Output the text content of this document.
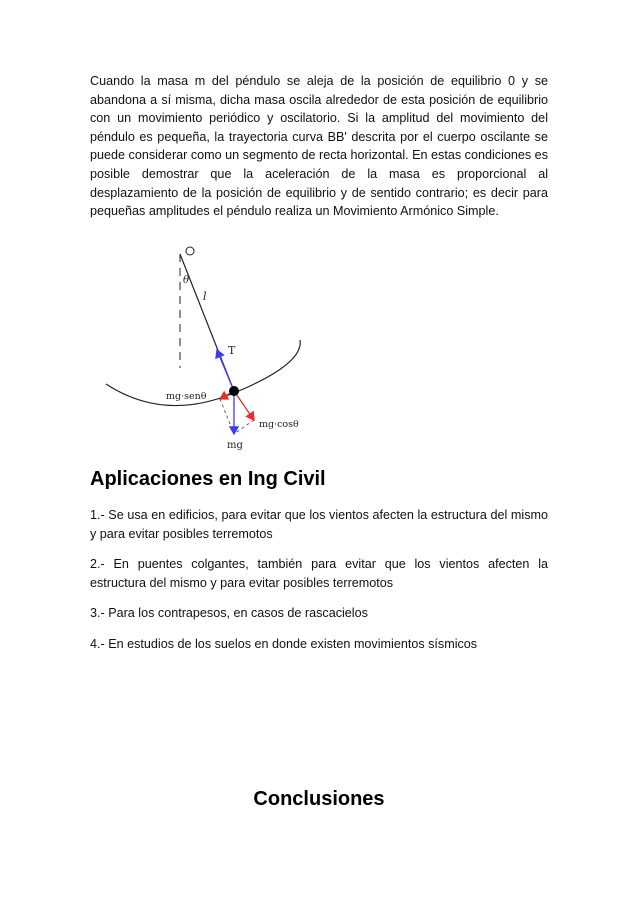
Cuando la masa m del péndulo se aleja de la posición de equilibrio 0 y se abandona a sí misma, dicha masa oscila alrededor de esta posición de equilibrio con un movimiento periódico y oscilatorio. Si la amplitud del movimiento del péndulo es pequeña, la trayectoria curva BB' descrita por el cuerpo oscilante se puede considerar como un segmento de recta horizontal. En estas condiciones es posible demostrar que la aceleración de la masa es proporcional al desplazamiento de la posición de equilibrio y de sentido contrario; es decir para pequeñas amplitudes el péndulo realiza un Movimiento Armónico Simple.

θ
l
T
mg·senθ
mg·cosθ
mg
Aplicaciones en Ing Civil
1.- Se usa en edificios, para evitar que los vientos afecten la estructura del mismo y para evitar posibles terremotos
2.- En puentes colgantes, también para evitar que los vientos afecten la estructura del mismo y para evitar posibles terremotos
3.- Para los contrapesos, en casos de rascacielos
4.- En estudios de los suelos en donde existen movimientos sísmicos
Conclusiones
